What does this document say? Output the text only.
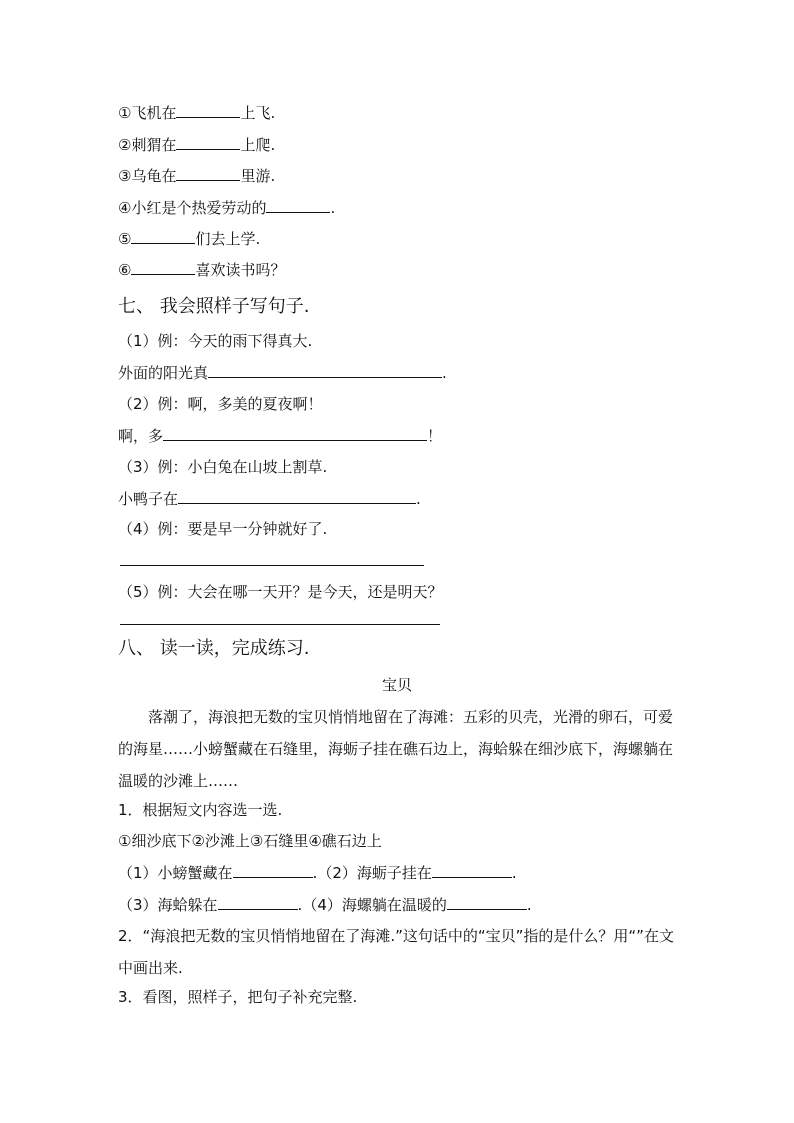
①飞机在	上飞.
②刺猬在	上爬.
③乌龟在	里游.
④小红是个热爱劳动的	.
⑤	们去上学.
⑥	喜欢读书吗？
七、 我会照样子写句子.
（1）例：今天的雨下得真大.
外面的阳光真	.
（2）例：啊，多美的夏夜啊！
啊，多	！
（3）例：小白兔在山坡上割草.
小鸭子在	.
（4）例：要是早一分钟就好了.
（5）例：大会在哪一天开？是今天，还是明天？
八、 读一读，完成练习.
宝贝
落潮了，海浪把无数的宝贝悄悄地留在了海滩：五彩的贝壳，光滑的卵石，可爱的海星……小螃蟹藏在石缝里，海蛎子挂在礁石边上，海蛤躲在细沙底下，海螺躺在温暖的沙滩上……
1．根据短文内容选一选.
①细沙底下②沙滩上③石缝里④礁石边上
（1）小螃蟹藏在	.（2）海蛎子挂在	.
（3）海蛤躲在	.（4）海螺躺在温暖的	.
2．“海浪把无数的宝贝悄悄地留在了海滩.”这句话中的“宝贝”指的是什么？用“”在文中画出来.
3．看图，照样子，把句子补充完整.
